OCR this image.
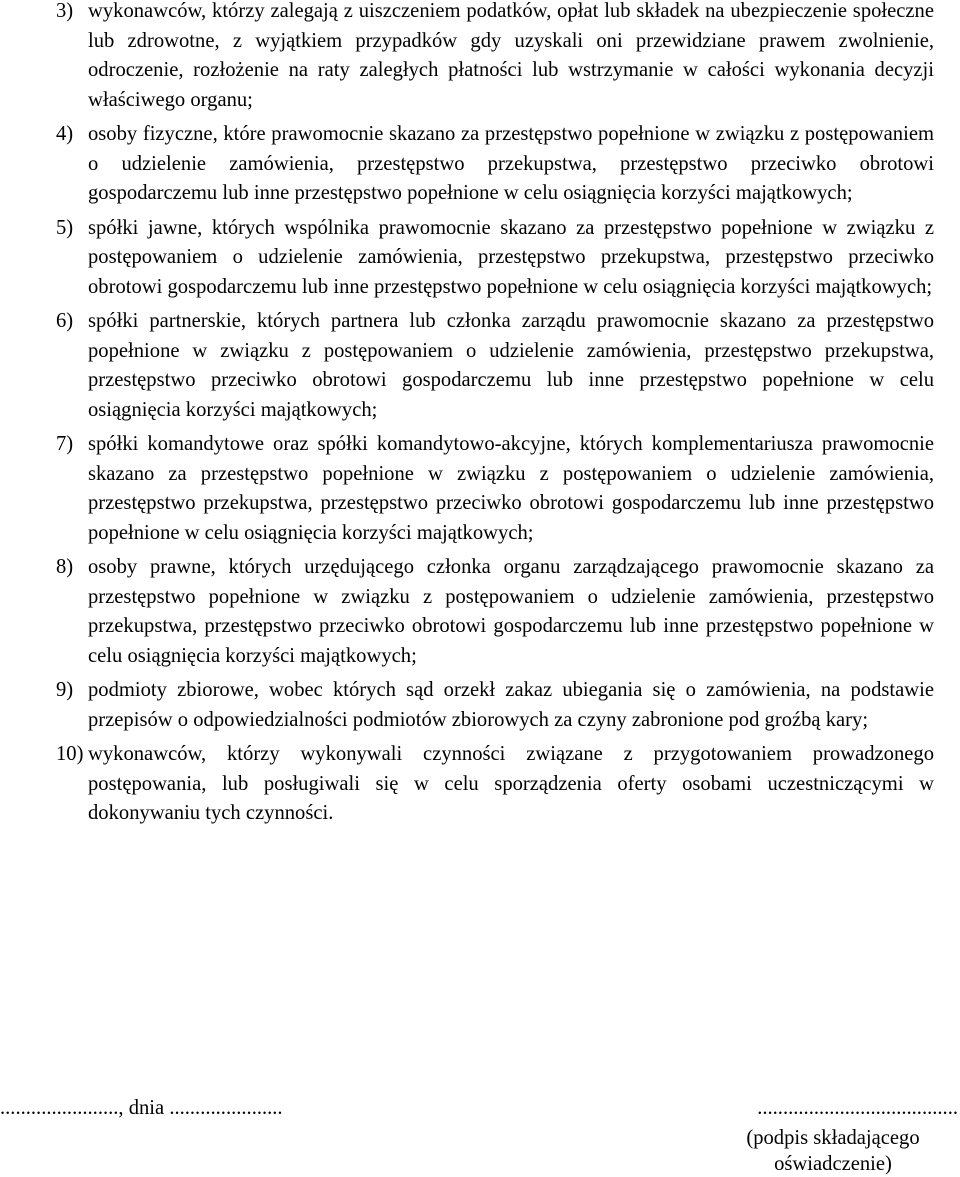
3) wykonawców, którzy zalegają z uiszczeniem podatków, opłat lub składek na ubezpieczenie społeczne lub zdrowotne, z wyjątkiem przypadków gdy uzyskali oni przewidziane prawem zwolnienie, odroczenie, rozłożenie na raty zaległych płatności lub wstrzymanie w całości wykonania decyzji właściwego organu;
4) osoby fizyczne, które prawomocnie skazano za przestępstwo popełnione w związku z postępowaniem o udzielenie zamówienia, przestępstwo przekupstwa, przestępstwo przeciwko obrotowi gospodarczemu lub inne przestępstwo popełnione w celu osiągnięcia korzyści majątkowych;
5) spółki jawne, których wspólnika prawomocnie skazano za przestępstwo popełnione w związku z postępowaniem o udzielenie zamówienia, przestępstwo przekupstwa, przestępstwo przeciwko obrotowi gospodarczemu lub inne przestępstwo popełnione w celu osiągnięcia korzyści majątkowych;
6) spółki partnerskie, których partnera lub członka zarządu prawomocnie skazano za przestępstwo popełnione w związku z postępowaniem o udzielenie zamówienia, przestępstwo przekupstwa, przestępstwo przeciwko obrotowi gospodarczemu lub inne przestępstwo popełnione w celu osiągnięcia korzyści majątkowych;
7) spółki komandytowe oraz spółki komandytowo-akcyjne, których komplementariusza prawomocnie skazano za przestępstwo popełnione w związku z postępowaniem o udzielenie zamówienia, przestępstwo przekupstwa, przestępstwo przeciwko obrotowi gospodarczemu lub inne przestępstwo popełnione w celu osiągnięcia korzyści majątkowych;
8) osoby prawne, których urzędującego członka organu zarządzającego prawomocnie skazano za przestępstwo popełnione w związku z postępowaniem o udzielenie zamówienia, przestępstwo przekupstwa, przestępstwo przeciwko obrotowi gospodarczemu lub inne przestępstwo popełnione w celu osiągnięcia korzyści majątkowych;
9) podmioty zbiorowe, wobec których sąd orzekł zakaz ubiegania się o zamówienia, na podstawie przepisów o odpowiedzialności podmiotów zbiorowych za czyny zabronione pod groźbą kary;
10) wykonawców, którzy wykonywali czynności związane z przygotowaniem prowadzonego postępowania, lub posługiwali się w celu sporządzenia oferty osobami uczestniczącymi w dokonywaniu tych czynności.
......................., dnia ......................	.......................................
(podpis składającego
oświadczenie)
